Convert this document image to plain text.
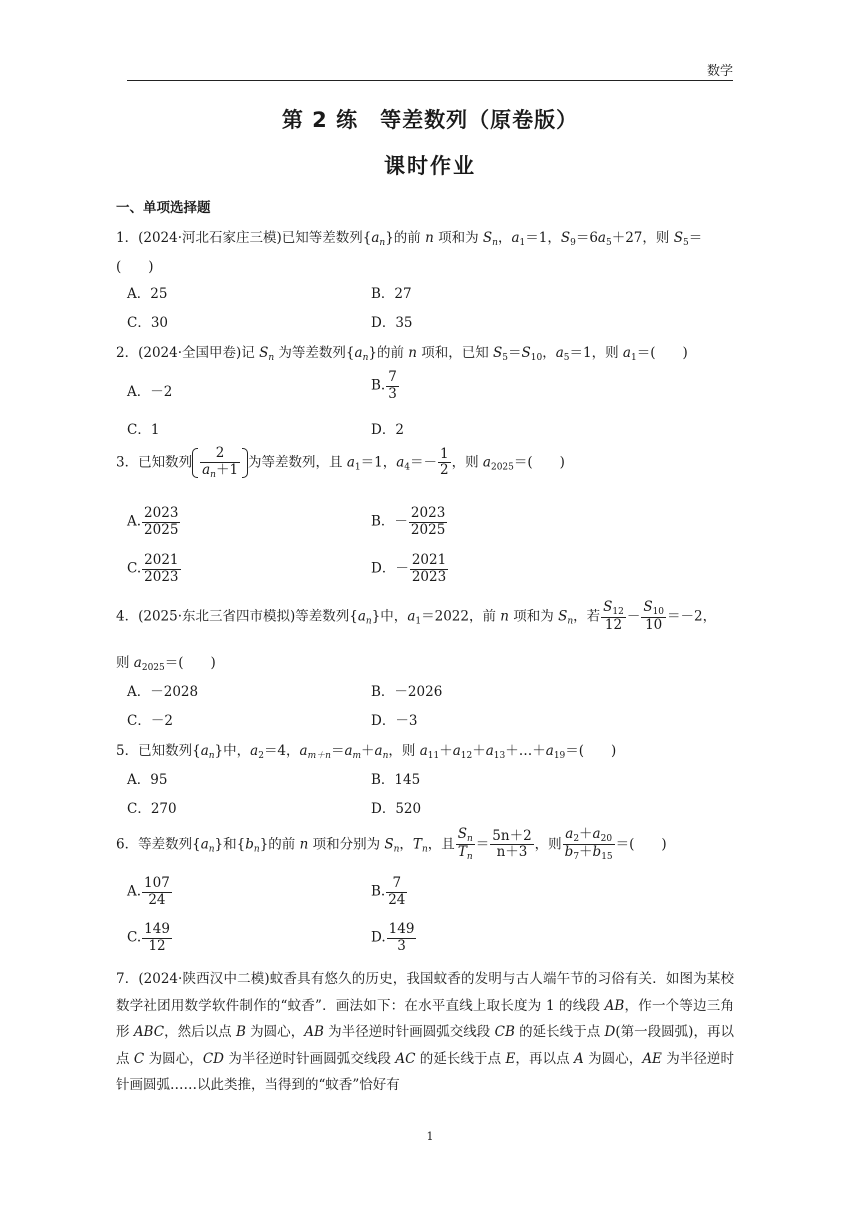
数学
第 2 练　等差数列（原卷版）
课时作业
一、单项选择题
1．(2024·河北石家庄三模)已知等差数列$\{a_n\}$的前 n 项和为 $S_n$，$a_1=1$，$S_9=6a_5+27$，则 $S_5=$
(　　)
A．25	B．27
C．30	D．35
2．(2024·全国甲卷)记 $S_n$ 为等差数列$\{a_n\}$的前 n 项和，已知 $S_5=S_{10}$，$a_5=1$，则 $a_1=$(　　)
A．－2	B. $\frac{7}{3}$
C．1	D．2
3．已知数列 $\frac{2}{a_n+1}$ 为等差数列，且 $a_1=1$，$a_4=- \frac{1}{2}$ ，则 $a_{2025}=$(　　)
A. $\frac{2023}{2025}$	B．－ $\frac{2023}{2025}$
C. $\frac{2021}{2023}$	D．－ $\frac{2021}{2023}$
4．(2025·东北三省四市模拟)等差数列$\{a_n\}$中，$a_1=2022$，前 n 项和为 $S_n$，若 $\frac{S_{12}}{12} - \frac{S_{10}}{10} =-2$，
则 $a_{2025}=$(　　)
A．－2028	B．－2026
C．－2	D．－3
5．已知数列$\{a_n\}$中，$a_2=4$，$a_{m+n}=a_m+a_n$，则 $a_{11}+a_{12}+a_{13}+\dots+a_{19}=$(　　)
A．95	B．145
C．270	D．520
6．等差数列$\{a_n\}$和$\{b_n\}$的前 n 项和分别为 $S_n$，$T_n$，且 $\frac{S_n}{T_n} = \frac{5n+2}{n+3}$ ，则 $\frac{a_2+a_{20}}{b_7+b_{15}}$ ＝(　　)
A. $\frac{107}{24}$	B. $\frac{7}{24}$
C. $\frac{149}{12}$	D. $\frac{149}{3}$
7．(2024·陕西汉中二模)蚊香具有悠久的历史，我国蚊香的发明与古人端午节的习俗有关．如图为某校数学社团用数学软件制作的“蚊香”．画法如下：在水平直线上取长度为 1 的线段 AB，作一个等边三角形 ABC，然后以点 B 为圆心，AB 为半径逆时针画圆弧交线段 CB 的延长线于点 D(第一段圆弧)，再以点 C 为圆心，CD 为半径逆时针画圆弧交线段 AC 的延长线于点 E，再以点 A 为圆心，AE 为半径逆时针画圆弧……以此类推，当得到的“蚊香”恰好有
1
